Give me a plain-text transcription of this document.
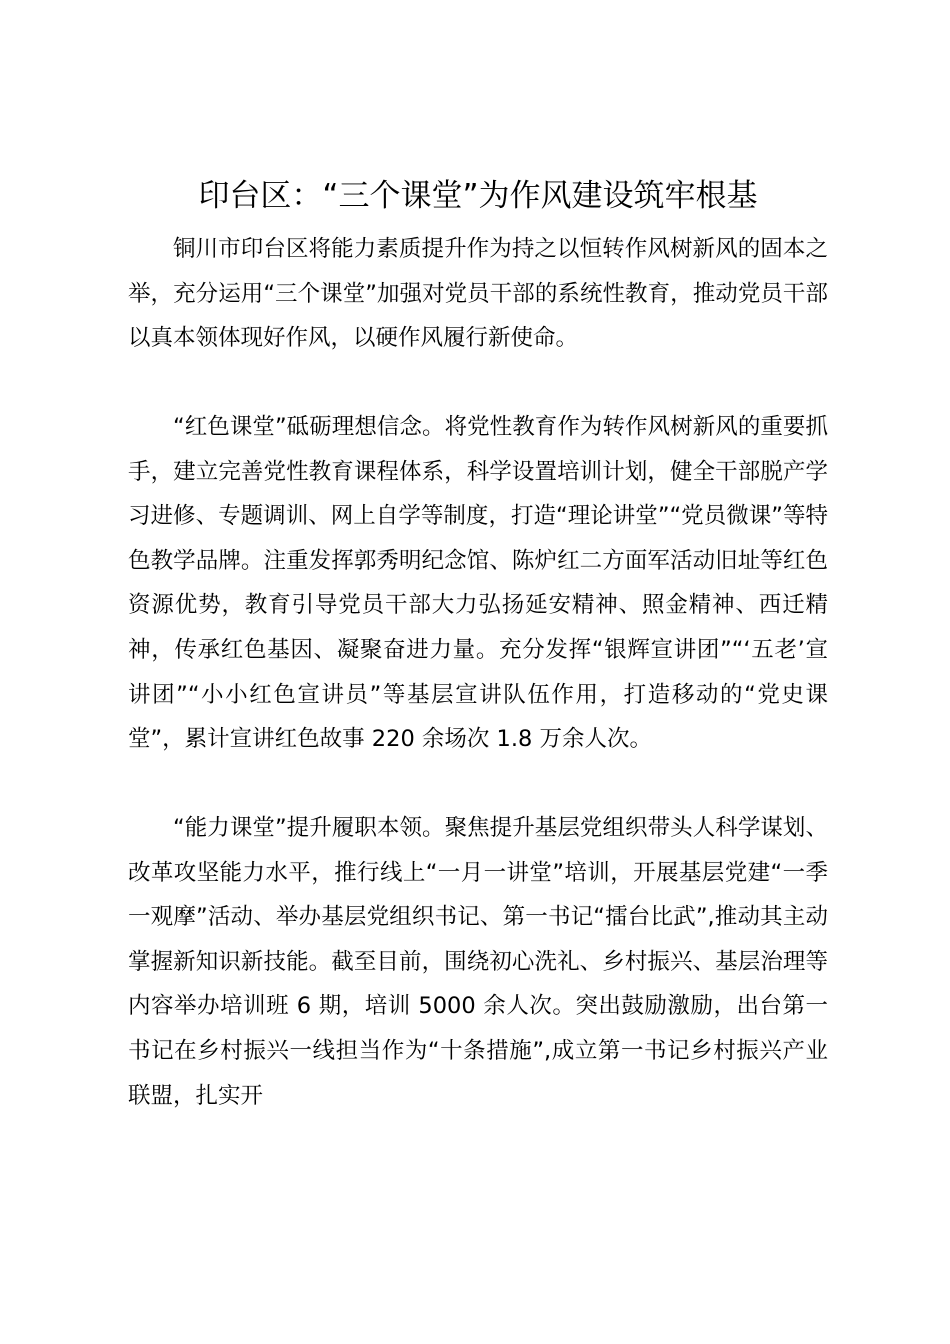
印台区：“三个课堂”为作风建设筑牢根基

铜川市印台区将能力素质提升作为持之以恒转作风树新风的固本之举，充分运用“三个课堂”加强对党员干部的系统性教育，推动党员干部以真本领体现好作风，以硬作风履行新使命。

“红色课堂”砥砺理想信念。将党性教育作为转作风树新风的重要抓手，建立完善党性教育课程体系，科学设置培训计划，健全干部脱产学习进修、专题调训、网上自学等制度，打造“理论讲堂”“党员微课”等特色教学品牌。注重发挥郭秀明纪念馆、陈炉红二方面军活动旧址等红色资源优势，教育引导党员干部大力弘扬延安精神、照金精神、西迁精神，传承红色基因、凝聚奋进力量。充分发挥“银辉宣讲团”“‘五老’宣讲团”“小小红色宣讲员”等基层宣讲队伍作用，打造移动的“党史课堂”，累计宣讲红色故事 220 余场次 1.8 万余人次。

“能力课堂”提升履职本领。聚焦提升基层党组织带头人科学谋划、改革攻坚能力水平，推行线上“一月一讲堂”培训，开展基层党建“一季一观摩”活动、举办基层党组织书记、第一书记“擂台比武”,推动其主动掌握新知识新技能。截至目前，围绕初心洗礼、乡村振兴、基层治理等内容举办培训班 6 期，培训 5000 余人次。突出鼓励激励，出台第一书记在乡村振兴一线担当作为“十条措施”,成立第一书记乡村振兴产业联盟，扎实开
